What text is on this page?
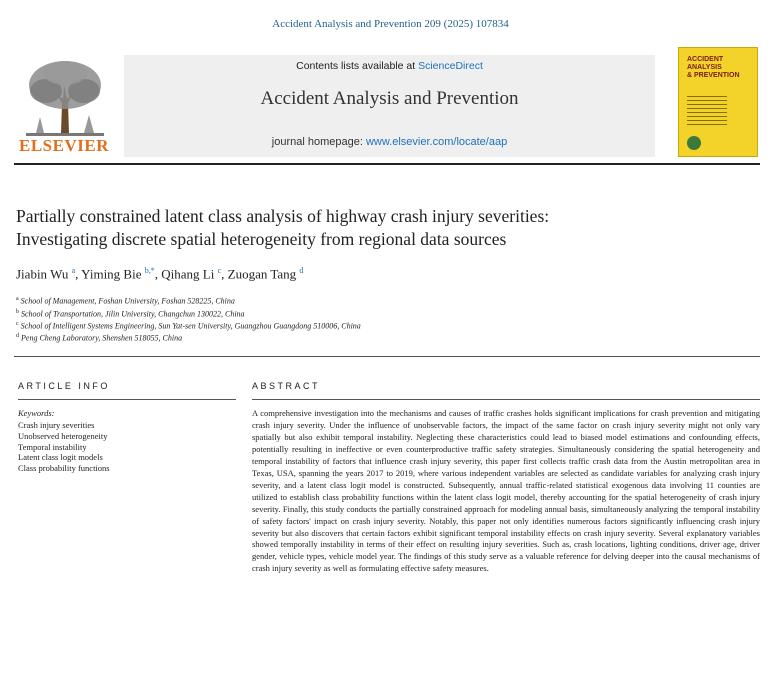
Accident Analysis and Prevention 209 (2025) 107834
ELSEVIER
Contents lists available at ScienceDirect
Accident Analysis and Prevention
journal homepage: www.elsevier.com/locate/aap
ACCIDENT
ANALYSIS
& PREVENTION
Partially constrained latent class analysis of highway crash injury severities:
Investigating discrete spatial heterogeneity from regional data sources
Jiabin Wu $^a$, Yiming Bie $^{b,*}$, Qihang Li $^c$, Zuogan Tang $^d$
$^a$ School of Management, Foshan University, Foshan 528225, China
$^b$ School of Transportation, Jilin University, Changchun 130022, China
$^c$ School of Intelligent Systems Engineering, Sun Yat-sen University, Guangzhou Guangdong 510006, China
$^d$ Peng Cheng Laboratory, Shenshen 518055, China
ARTICLE INFO
Keywords:
Crash injury severities
Unobserved heterogeneity
Temporal instability
Latent class logit models
Class probability functions
ABSTRACT
A comprehensive investigation into the mechanisms and causes of traffic crashes holds significant implications for crash prevention and mitigating crash injury severity. Under the influence of unobservable factors, the impact of the same factor on crash injury severity might not only vary spatially but also exhibit temporal instability. Neglecting these characteristics could lead to biased model estimations and confounding effects, potentially resulting in ineffective or even counterproductive traffic safety strategies. Simultaneously considering the spatial heterogeneity and temporal instability of factors that influence crash injury severity, this paper first collects traffic crash data from the Austin metropolitan area in Texas, USA, spanning the years 2017 to 2019, where various independent variables are selected as candidate variables for analyzing crash injury severity, and a latent class logit model is constructed. Subsequently, annual traffic-related statistical exogenous data involving 11 counties are utilized to establish class probability functions within the latent class logit model, thereby accounting for the spatial heterogeneity of crash injury severity. Finally, this study conducts the partially constrained approach for modeling annual basis, simultaneously analyzing the temporal instability of safety factors' impact on crash injury severity. Notably, this paper not only identifies numerous factors significantly influencing crash injury severity but also discovers that certain factors exhibit significant temporal instability effects on crash injury severity. Several explanatory variables showed temporally instability in terms of their effect on resulting injury severities. Such as, crash locations, lighting conditions, driver age, driver gender, vehicle types, vehicle model year. The findings of this study serve as a valuable reference for delving deeper into the causal mechanisms of crash injury severity as well as formulating effective safety measures.
